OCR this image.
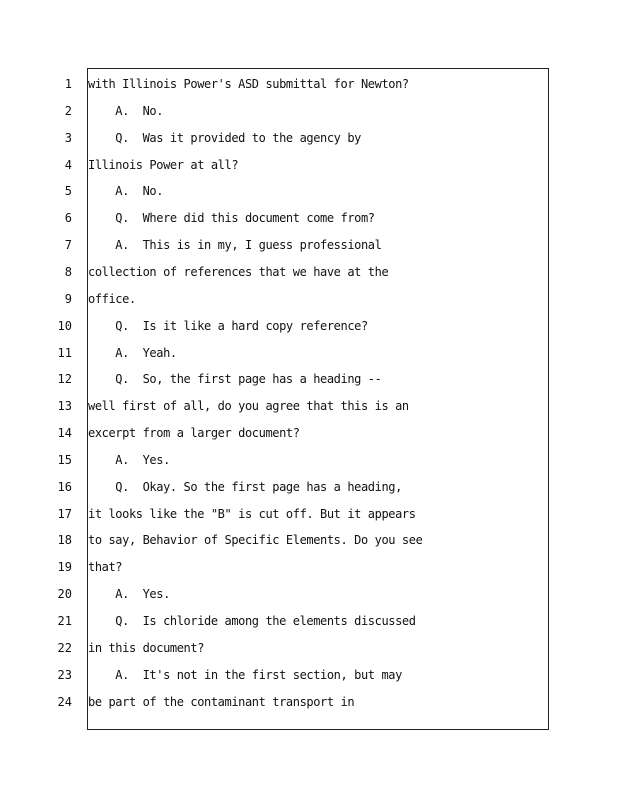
1 with Illinois Power's ASD submittal for Newton?
2 A.  No.
3 Q.  Was it provided to the agency by
4 Illinois Power at all?
5 A.  No.
6 Q.  Where did this document come from?
7 A.  This is in my, I guess professional
8 collection of references that we have at the
9 office.
10 Q.  Is it like a hard copy reference?
11 A.  Yeah.
12 Q.  So, the first page has a heading --
13 well first of all, do you agree that this is an
14 excerpt from a larger document?
15 A.  Yes.
16 Q.  Okay. So the first page has a heading,
17 it looks like the "B" is cut off. But it appears
18 to say, Behavior of Specific Elements. Do you see
19 that?
20 A.  Yes.
21 Q.  Is chloride among the elements discussed
22 in this document?
23 A.  It's not in the first section, but may
24 be part of the contaminant transport in
